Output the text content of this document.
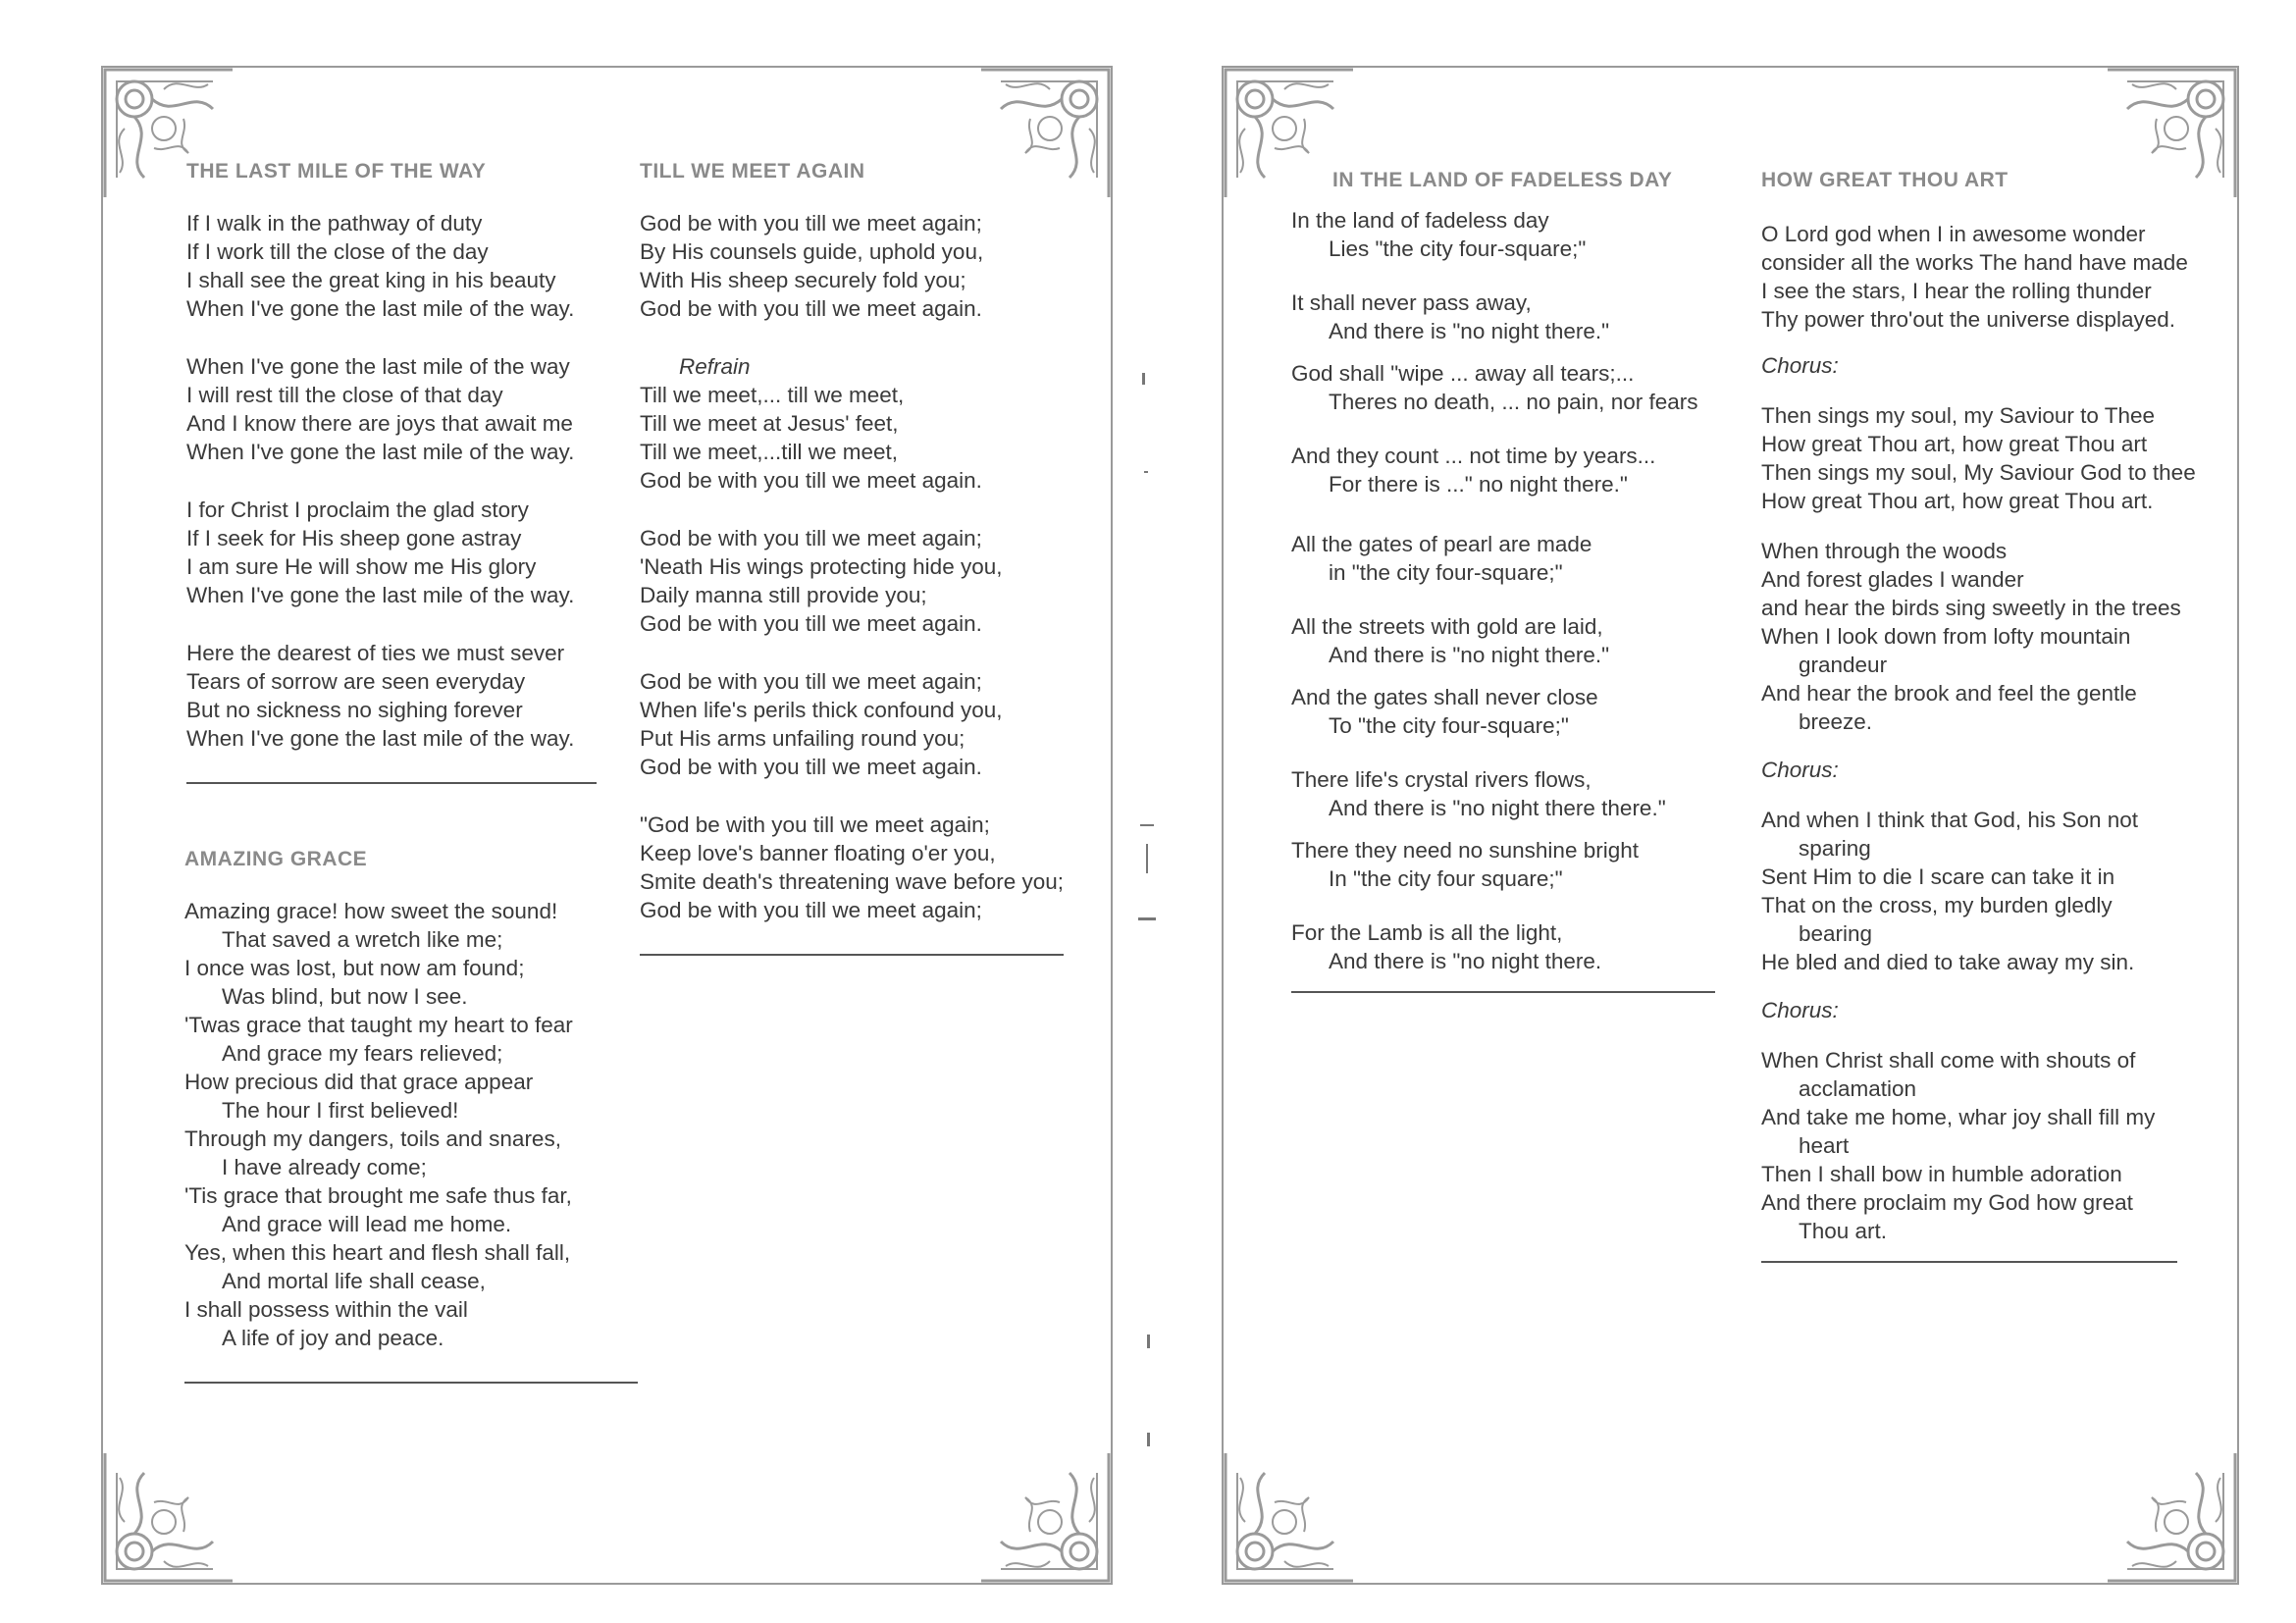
THE LAST MILE OF THE WAY
If I walk in the pathway of duty
If I work till the close of the day
I shall see the great king in his beauty
When I've gone the last mile of the way.
When I've gone the last mile of the way
I will rest till the close of that day
And I know there are joys that await me
When I've gone the last mile of the way.
I for Christ I proclaim the glad story
If I seek for His sheep gone astray
I am sure He will show me His glory
When I've gone the last mile of the way.
Here the dearest of ties we must sever
Tears of sorrow are seen everyday
But no sickness no sighing forever
When I've gone the last mile of the way.
AMAZING GRACE
Amazing grace! how sweet the sound!
That saved a wretch like me;
I once was lost, but now am found;
Was blind, but now I see.
'Twas grace that taught my heart to fear
And grace my fears relieved;
How precious did that grace appear
The hour I first believed!
Through my dangers, toils and snares,
I have already come;
'Tis grace that brought me safe thus far,
And grace will lead me home.
Yes, when this heart and flesh shall fall,
And mortal life shall cease,
I shall possess within the vail
A life of joy and peace.
TILL WE MEET AGAIN
God be with you till we meet again;
By His counsels guide, uphold you,
With His sheep securely fold you;
God be with you till we meet again.
Refrain
Till we meet,... till we meet,
Till we meet at Jesus' feet,
Till we meet,...till we meet,
God be with you till we meet again.
God be with you till we meet again;
'Neath His wings protecting hide you,
Daily manna still provide you;
God be with you till we meet again.
God be with you till we meet again;
When life's perils thick confound you,
Put His arms unfailing round you;
God be with you till we meet again.
"God be with you till we meet again;
Keep love's banner floating o'er you,
Smite death's threatening wave before you;
God be with you till we meet again;
IN THE LAND OF FADELESS DAY
In the land of fadeless day
Lies "the city four-square;"
It shall never pass away,
And there is "no night there."
God shall "wipe ... away all tears;...
Theres no death, ... no pain, nor fears
And they count ... not time by years...
For there is ..." no night there."
All the gates of pearl are made
in "the city four-square;"
All the streets with gold are laid,
And there is "no night there."
And the gates shall never close
To "the city four-square;"
There life's crystal rivers flows,
And there is "no night there there."
There they need no sunshine bright
In "the city four square;"
For the Lamb is all the light,
And there is "no night there.
HOW GREAT THOU ART
O Lord god when I in awesome wonder
consider all the works The hand have made
I see the stars, I hear the rolling thunder
Thy power thro'out the universe displayed.
Chorus:
Then sings my soul, my Saviour to Thee
How great Thou art, how great Thou art
Then sings my soul, My Saviour God to thee
How great Thou art, how great Thou art.
When through the woods
And forest glades I wander
and hear the birds sing sweetly in the trees
When I look down from lofty mountain
grandeur
And hear the brook and feel the gentle
breeze.
Chorus:
And when I think that God, his Son not
sparing
Sent Him to die I scare can take it in
That on the cross, my burden gledly
bearing
He bled and died to take away my sin.
Chorus:
When Christ shall come with shouts of
acclamation
And take me home, whar joy shall fill my
heart
Then I shall bow in humble adoration
And there proclaim my God how great
Thou art.
